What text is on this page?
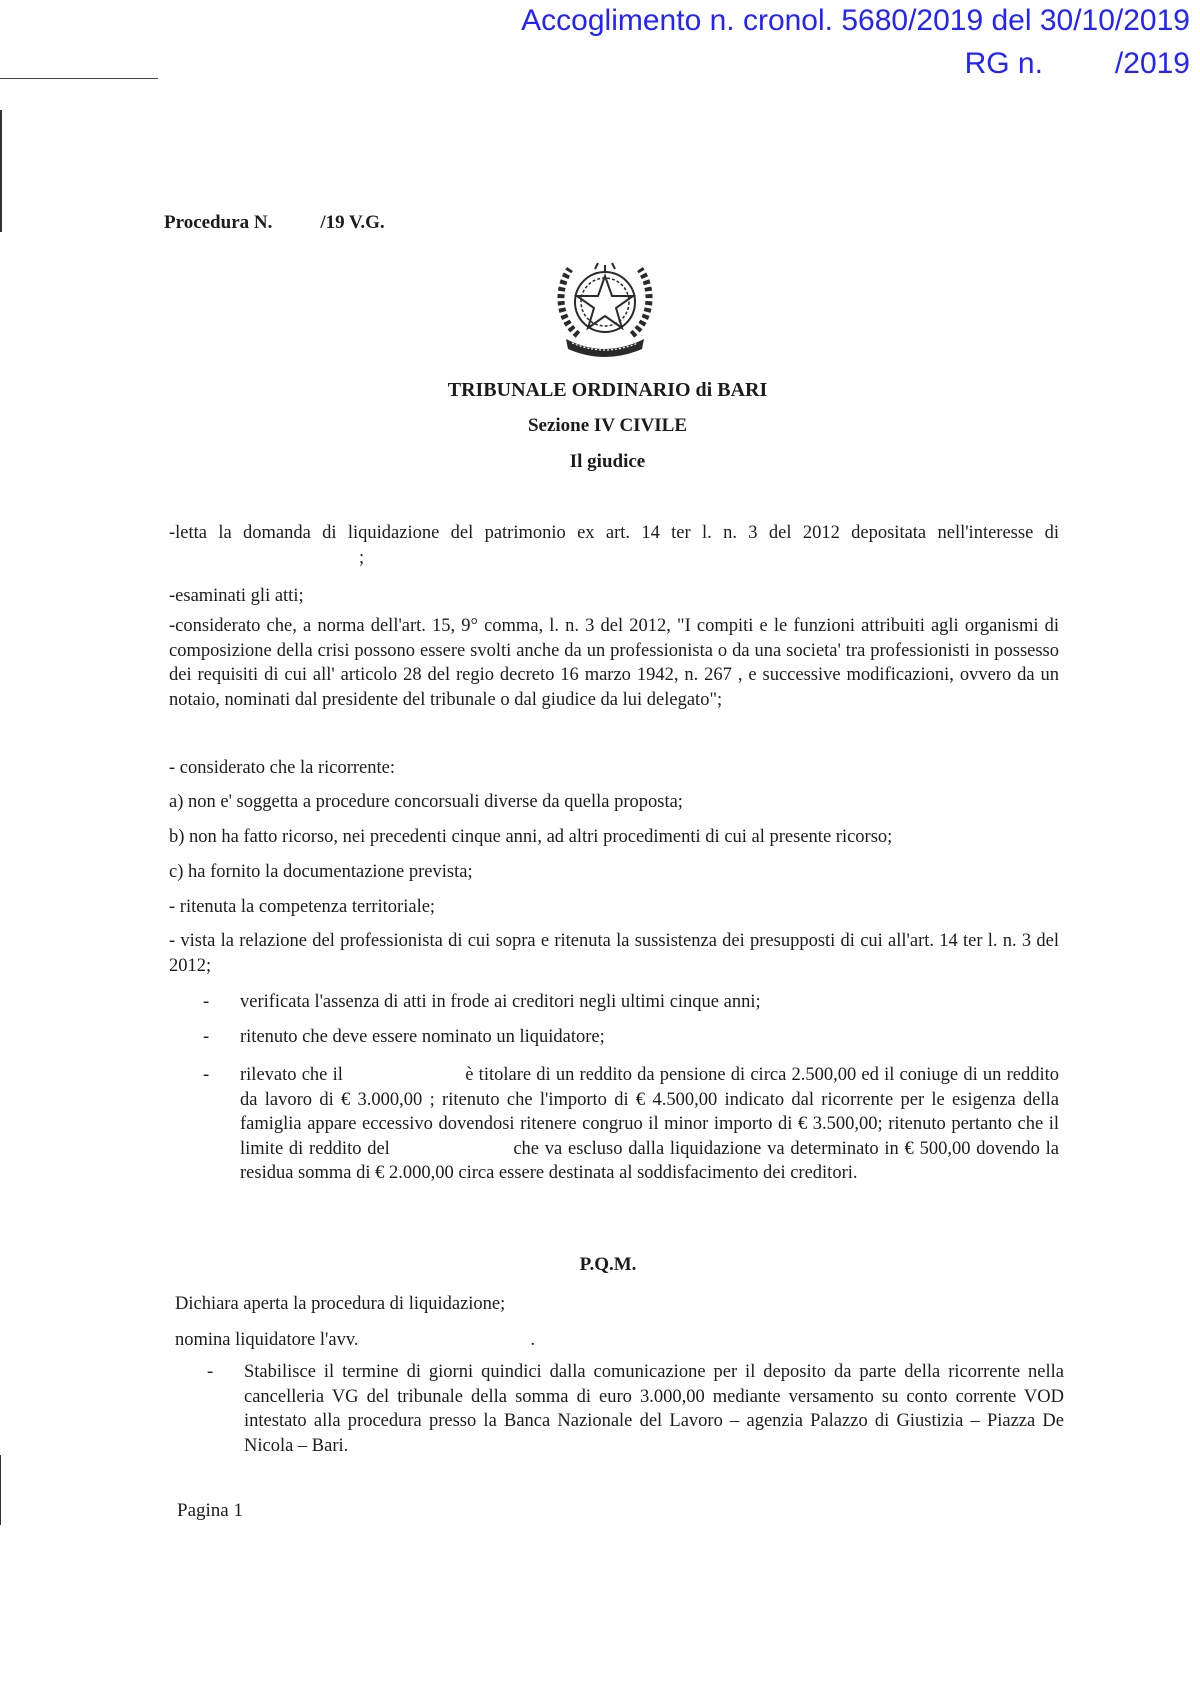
Accoglimento n. cronol. 5680/2019 del 30/10/2019
RG n. /2019
Procedura N.	/19 V.G.
TRIBUNALE ORDINARIO di BARI
Sezione IV CIVILE
Il giudice
-letta la domanda di liquidazione del patrimonio ex art. 14 ter l. n. 3 del 2012 depositata nell'interesse di;
-esaminati gli atti;
-considerato che, a norma dell'art. 15, 9° comma, l. n. 3 del 2012, "I compiti e le funzioni attribuiti agli organismi di composizione della crisi possono essere svolti anche da un professionista o da una societa' tra professionisti in possesso dei requisiti di cui all' articolo 28 del regio decreto 16 marzo 1942, n. 267 , e successive modificazioni, ovvero da un notaio, nominati dal presidente del tribunale o dal giudice da lui delegato";
- considerato che la ricorrente:
a) non e' soggetta a procedure concorsuali diverse da quella proposta;
b) non ha fatto ricorso, nei precedenti cinque anni, ad altri procedimenti di cui al presente ricorso;
c) ha fornito la documentazione prevista;
- ritenuta la competenza territoriale;
- vista la relazione del professionista di cui sopra e ritenuta la sussistenza dei presupposti di cui all'art. 14 ter l. n. 3 del 2012;
- verificata l'assenza di atti in frode ai creditori negli ultimi cinque anni;
- ritenuto che deve essere nominato un liquidatore;
- rilevato che il	è titolare di un reddito da pensione di circa 2.500,00 ed il coniuge di un reddito da lavoro di € 3.000,00 ; ritenuto che l'importo di € 4.500,00 indicato dal ricorrente per le esigenza della famiglia appare eccessivo dovendosi ritenere congruo il minor importo di € 3.500,00; ritenuto pertanto che il limite di reddito del	che va escluso dalla liquidazione va determinato in € 500,00 dovendo la residua somma di € 2.000,00 circa essere destinata al soddisfacimento dei creditori.
P.Q.M.
Dichiara aperta la procedura di liquidazione;
nomina liquidatore l'avv.	.
- Stabilisce il termine di giorni quindici dalla comunicazione per il deposito da parte della ricorrente nella cancelleria VG del tribunale della somma di euro 3.000,00 mediante versamento su conto corrente VOD intestato alla procedura presso la Banca Nazionale del Lavoro – agenzia Palazzo di Giustizia – Piazza De Nicola – Bari.
Pagina 1
